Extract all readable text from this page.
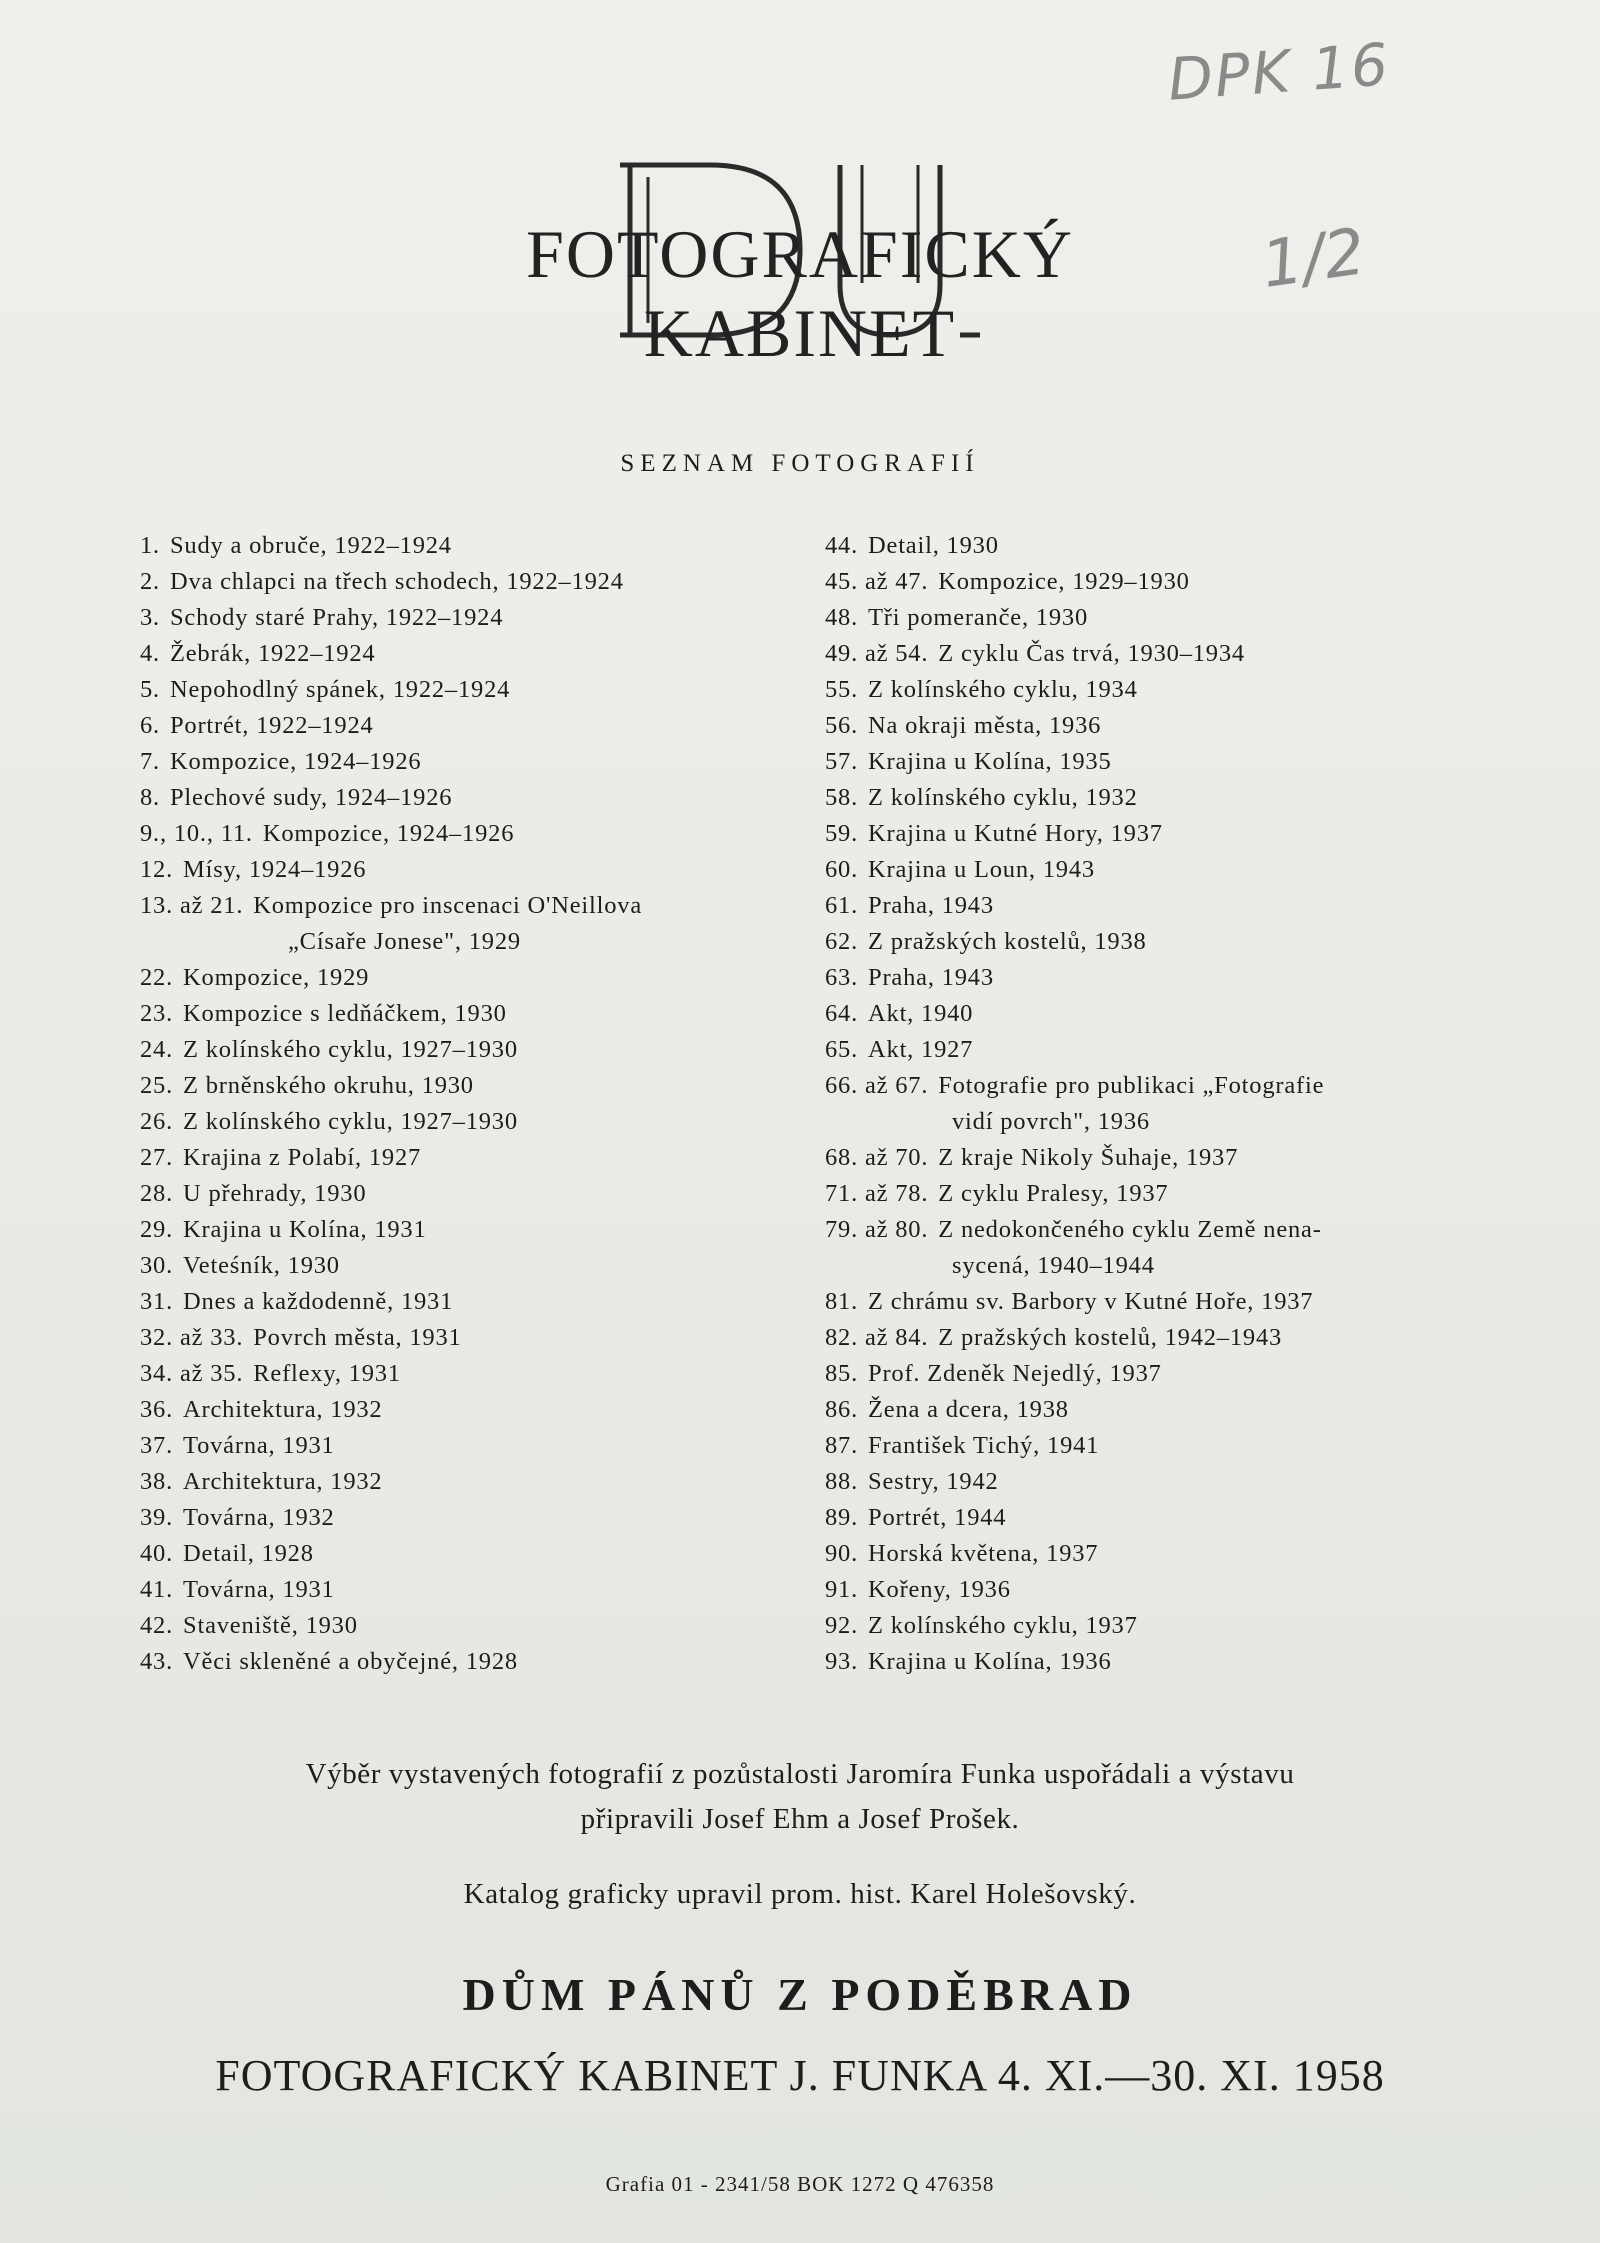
DPK 16
1/2
FOTOGRAFICKÝ KABINET
SEZNAM FOTOGRAFIÍ
1. Sudy a obruče, 1922–1924
2. Dva chlapci na třech schodech, 1922–1924
3. Schody staré Prahy, 1922–1924
4. Žebrák, 1922–1924
5. Nepohodlný spánek, 1922–1924
6. Portrét, 1922–1924
7. Kompozice, 1924–1926
8. Plechové sudy, 1924–1926
9., 10., 11. Kompozice, 1924–1926
12. Mísy, 1924–1926
13. až 21. Kompozice pro inscenaci O'Neillova
„Císaře Jonese", 1929
22. Kompozice, 1929
23. Kompozice s ledňáčkem, 1930
24. Z kolínského cyklu, 1927–1930
25. Z brněnského okruhu, 1930
26. Z kolínského cyklu, 1927–1930
27. Krajina z Polabí, 1927
28. U přehrady, 1930
29. Krajina u Kolína, 1931
30. Veteśník, 1930
31. Dnes a každodenně, 1931
32. až 33. Povrch města, 1931
34. až 35. Reflexy, 1931
36. Architektura, 1932
37. Továrna, 1931
38. Architektura, 1932
39. Továrna, 1932
40. Detail, 1928
41. Továrna, 1931
42. Staveniště, 1930
43. Věci skleněné a obyčejné, 1928
44. Detail, 1930
45. až 47. Kompozice, 1929–1930
48. Tři pomeranče, 1930
49. až 54. Z cyklu Čas trvá, 1930–1934
55. Z kolínského cyklu, 1934
56. Na okraji města, 1936
57. Krajina u Kolína, 1935
58. Z kolínského cyklu, 1932
59. Krajina u Kutné Hory, 1937
60. Krajina u Loun, 1943
61. Praha, 1943
62. Z pražských kostelů, 1938
63. Praha, 1943
64. Akt, 1940
65. Akt, 1927
66. až 67. Fotografie pro publikaci „Fotografie
vidí povrch", 1936
68. až 70. Z kraje Nikoly Šuhaje, 1937
71. až 78. Z cyklu Pralesy, 1937
79. až 80. Z nedokončeného cyklu Země nena-
sycená, 1940–1944
81. Z chrámu sv. Barbory v Kutné Hoře, 1937
82. až 84. Z pražských kostelů, 1942–1943
85. Prof. Zdeněk Nejedlý, 1937
86. Žena a dcera, 1938
87. František Tichý, 1941
88. Sestry, 1942
89. Portrét, 1944
90. Horská květena, 1937
91. Kořeny, 1936
92. Z kolínského cyklu, 1937
93. Krajina u Kolína, 1936
Výběr vystavených fotografií z pozůstalosti Jaromíra Funka uspořádali a výstavu
připravili Josef Ehm a Josef Prošek.
Katalog graficky upravil prom. hist. Karel Holešovský.
DŮM PÁNŮ Z PODĚBRAD
FOTOGRAFICKÝ KABINET J. FUNKA 4. XI.—30. XI. 1958
Grafia 01 - 2341/58 BOK 1272 Q 476358
